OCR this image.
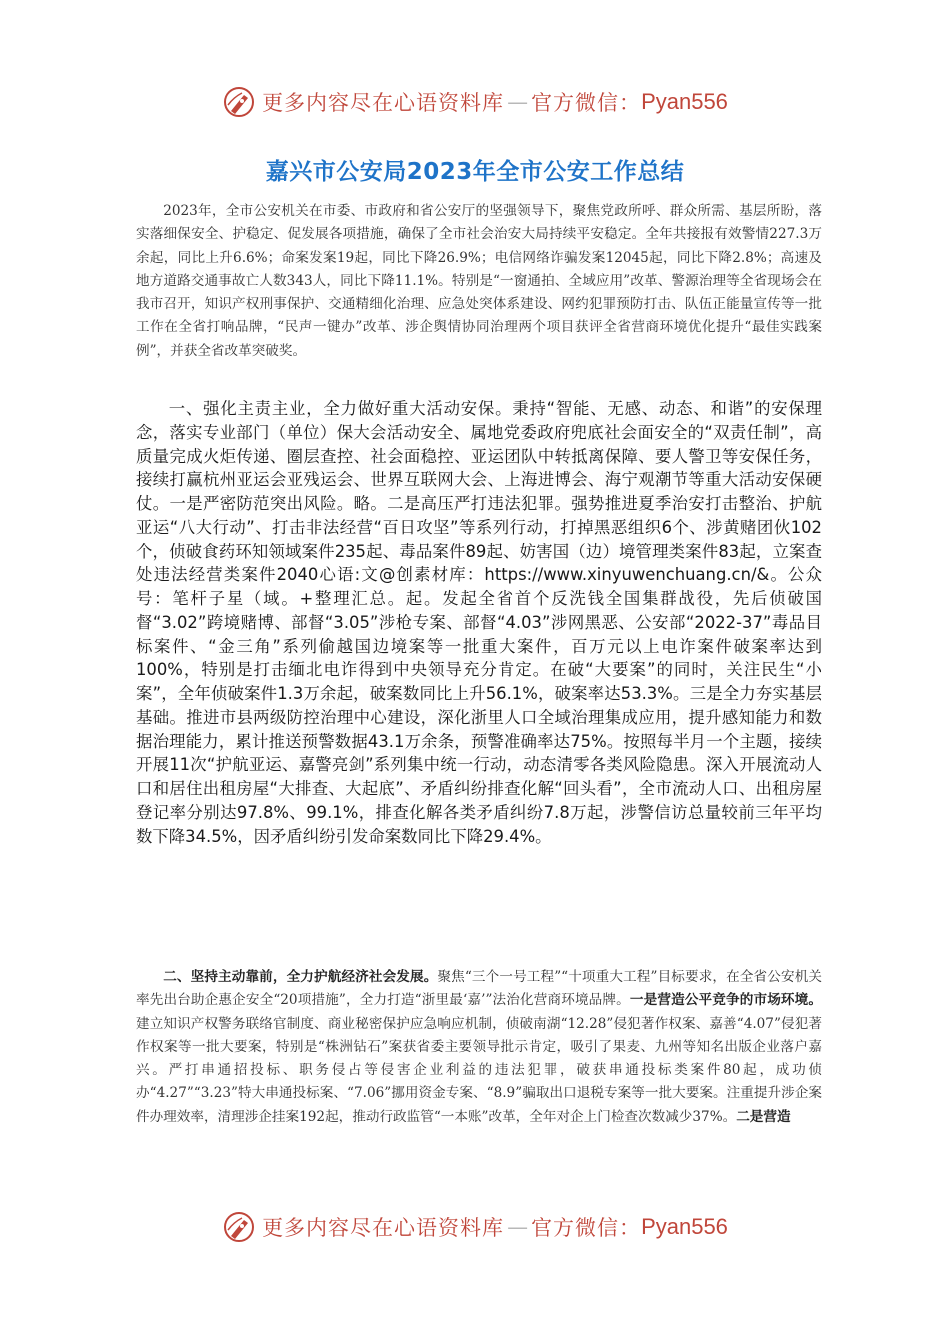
更多内容尽在心语资料库 — 官方微信： Pyan556
嘉兴市公安局2023年全市公安工作总结
2023年，全市公安机关在市委、市政府和省公安厅的坚强领导下，聚焦党政所呼、群众所需、基层所盼，落实落细保安全、护稳定、促发展各项措施，确保了全市社会治安大局持续平安稳定。全年共接报有效警情227.3万余起，同比上升6.6%；命案发案19起，同比下降26.9%；电信网络诈骗发案12045起，同比下降2.8%；高速及地方道路交通事故亡人数343人，同比下降11.1%。特别是“一窗通拍、全域应用”改革、警源治理等全省现场会在我市召开，知识产权刑事保护、交通精细化治理、应急处突体系建设、网约犯罪预防打击、队伍正能量宣传等一批工作在全省打响品牌，“民声一键办”改革、涉企舆情协同治理两个项目获评全省营商环境优化提升“最佳实践案例”，并获全省改革突破奖。
一、强化主责主业，全力做好重大活动安保。秉持“智能、无感、动态、和谐”的安保理念，落实专业部门（单位）保大会活动安全、属地党委政府兜底社会面安全的“双责任制”，高质量完成火炬传递、圈层查控、社会面稳控、亚运团队中转抵离保障、要人警卫等安保任务，接续打赢杭州亚运会亚残运会、世界互联网大会、上海进博会、海宁观潮节等重大活动安保硬仗。一是严密防范突出风险。略。二是高压严打违法犯罪。强势推进夏季治安打击整治、护航亚运“八大行动”、打击非法经营“百日攻坚”等系列行动，打掉黑恶组织6个、涉黄赌团伙102个，侦破食药环知领域案件235起、毒品案件89起、妨害国（边）境管理类案件83起，立案查处违法经营类案件2040心语:文@创素材库：https://www.xinyuwenchuang.cn/&。公众号：笔杆子星（域。+整理汇总。起。发起全省首个反洗钱全国集群战役，先后侦破国督“3.02”跨境赌博、部督“3.05”涉枪专案、部督“4.03”涉网黑恶、公安部“2022-37”毒品目标案件、“金三角”系列偷越国边境案等一批重大案件，百万元以上电诈案件破案率达到100%，特别是打击缅北电诈得到中央领导充分肯定。在破“大要案”的同时，关注民生“小案”，全年侦破案件1.3万余起，破案数同比上升56.1%，破案率达53.3%。三是全力夯实基层基础。推进市县两级防控治理中心建设，深化浙里人口全域治理集成应用，提升感知能力和数据治理能力，累计推送预警数据43.1万余条，预警准确率达75%。按照每半月一个主题，接续开展11次“护航亚运、嘉警亮剑”系列集中统一行动，动态清零各类风险隐患。深入开展流动人口和居住出租房屋“大排查、大起底”、矛盾纠纷排查化解“回头看”，全市流动人口、出租房屋登记率分别达97.8%、99.1%，排查化解各类矛盾纠纷7.8万起，涉警信访总量较前三年平均数下降34.5%，因矛盾纠纷引发命案数同比下降29.4%。
二、坚持主动靠前，全力护航经济社会发展。聚焦“三个一号工程”“十项重大工程”目标要求，在全省公安机关率先出台助企惠企安全“20项措施”，全力打造“浙里最‘嘉’”法治化营商环境品牌。一是营造公平竞争的市场环境。建立知识产权警务联络官制度、商业秘密保护应急响应机制，侦破南湖“12.28”侵犯著作权案、嘉善“4.07”侵犯著作权案等一批大要案，特别是“株洲钻石”案获省委主要领导批示肯定，吸引了果麦、九州等知名出版企业落户嘉兴。严打串通招投标、职务侵占等侵害企业利益的违法犯罪，破获串通投标类案件80起，成功侦办“4.27”“3.23”特大串通投标案、“7.06”挪用资金专案、“8.9”骗取出口退税专案等一批大要案。注重提升涉企案件办理效率，清理涉企挂案192起，推动行政监管“一本账”改革，全年对企上门检查次数减少37%。二是营造
更多内容尽在心语资料库 — 官方微信： Pyan556
